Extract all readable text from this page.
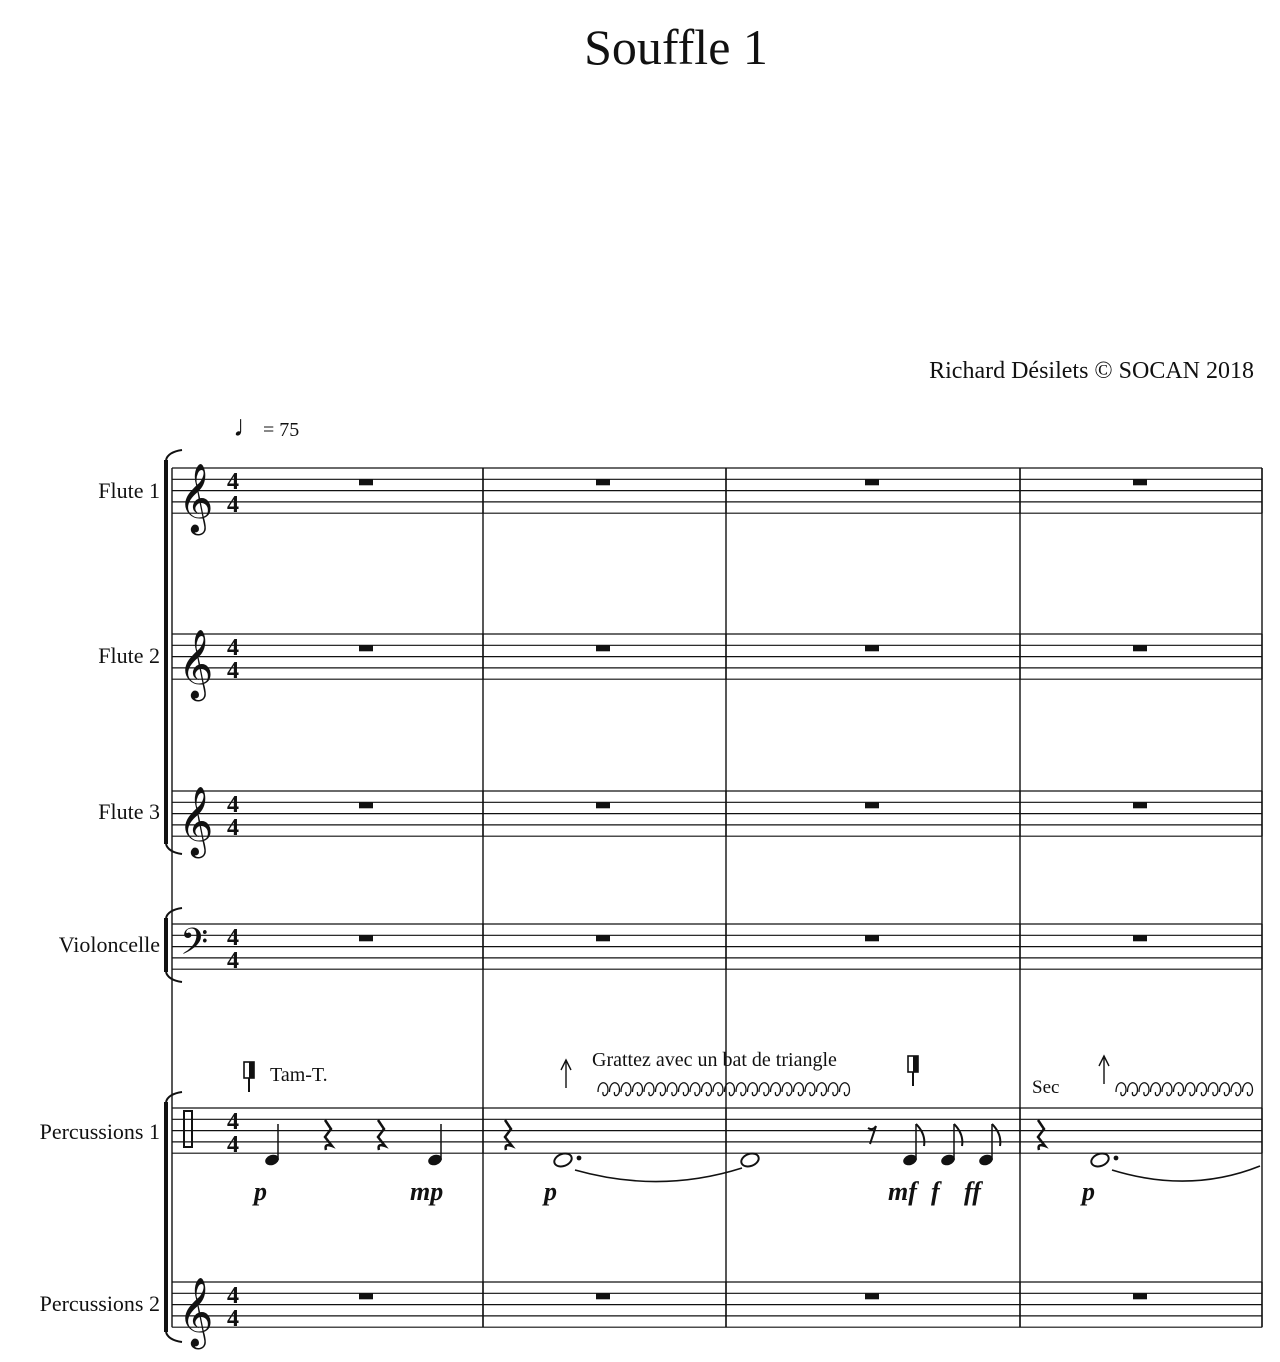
Souffle 1
Richard Désilets © SOCAN 2018
♩= 75
Flute 1
Flute 2
Flute 3
Violoncelle
Percussions 1
Percussions 2
Tam-T.
Grattez avec un bat de triangle
Sec
p	mp	p	mf f ff	p
4
4
𝄞
4
4
𝄞
4
4
𝄞
4
4
𝄢
4
4
4
4
𝄞
